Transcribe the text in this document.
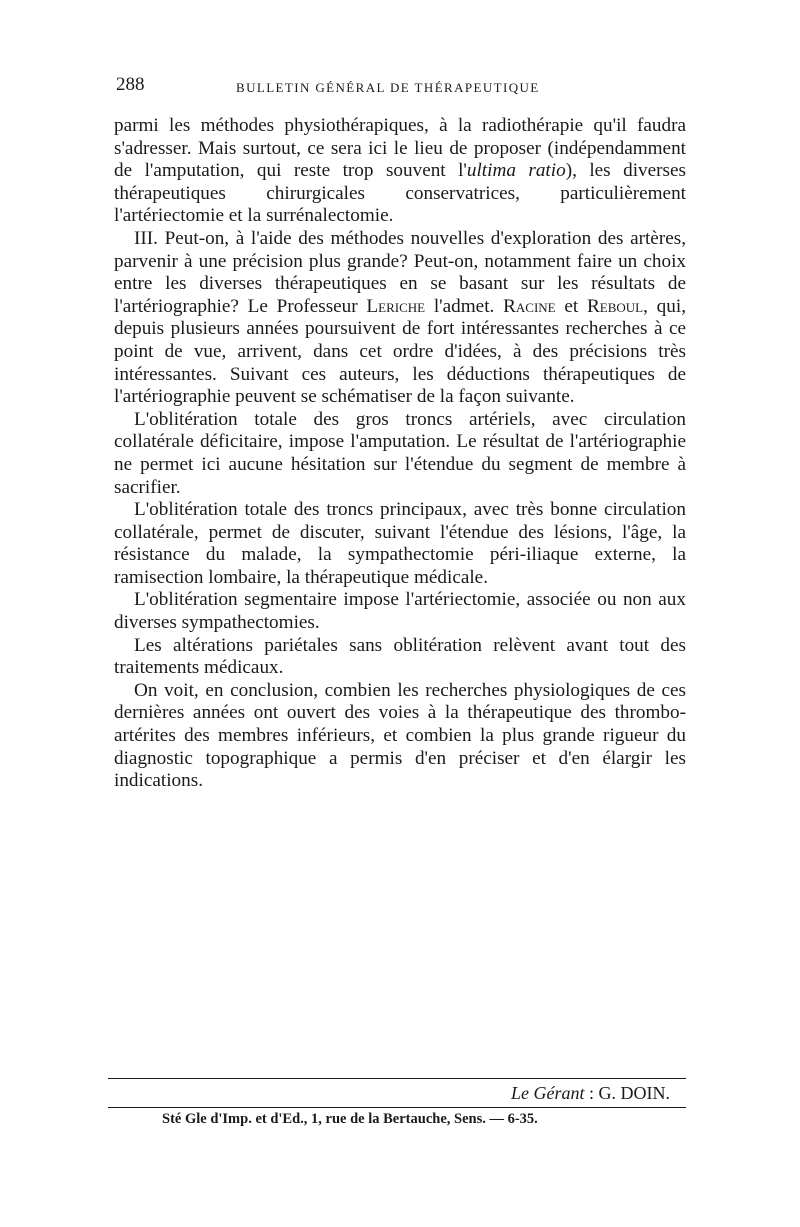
288	BULLETIN GÉNÉRAL DE THÉRAPEUTIQUE

parmi les méthodes physiothérapiques, à la radiothérapie qu'il faudra s'adresser. Mais surtout, ce sera ici le lieu de proposer (indépendamment de l'amputation, qui reste trop souvent l'ultima ratio), les diverses thérapeutiques chirurgicales conservatrices, particulièrement l'artériectomie et la surrénalectomie.

III. Peut-on, à l'aide des méthodes nouvelles d'exploration des artères, parvenir à une précision plus grande? Peut-on, notamment faire un choix entre les diverses thérapeutiques en se basant sur les résultats de l'artériographie? Le Professeur Leriche l'admet. Racine et Reboul, qui, depuis plusieurs années poursuivent de fort intéressantes recherches à ce point de vue, arrivent, dans cet ordre d'idées, à des précisions très intéressantes. Suivant ces auteurs, les déductions thérapeutiques de l'artériographie peuvent se schématiser de la façon suivante.

L'oblitération totale des gros troncs artériels, avec circulation collatérale déficitaire, impose l'amputation. Le résultat de l'artériographie ne permet ici aucune hésitation sur l'étendue du segment de membre à sacrifier.

L'oblitération totale des troncs principaux, avec très bonne circulation collatérale, permet de discuter, suivant l'étendue des lésions, l'âge, la résistance du malade, la sympathectomie péri-iliaque externe, la ramisection lombaire, la thérapeutique médicale.

L'oblitération segmentaire impose l'artériectomie, associée ou non aux diverses sympathectomies.

Les altérations pariétales sans oblitération relèvent avant tout des traitements médicaux.

On voit, en conclusion, combien les recherches physiologiques de ces dernières années ont ouvert des voies à la thérapeutique des thrombo-artérites des membres inférieurs, et combien la plus grande rigueur du diagnostic topographique a permis d'en préciser et d'en élargir les indications.

Le Gérant : G. DOIN.
Sté Gle d'Imp. et d'Ed., 1, rue de la Bertauche, Sens. — 6-35.
